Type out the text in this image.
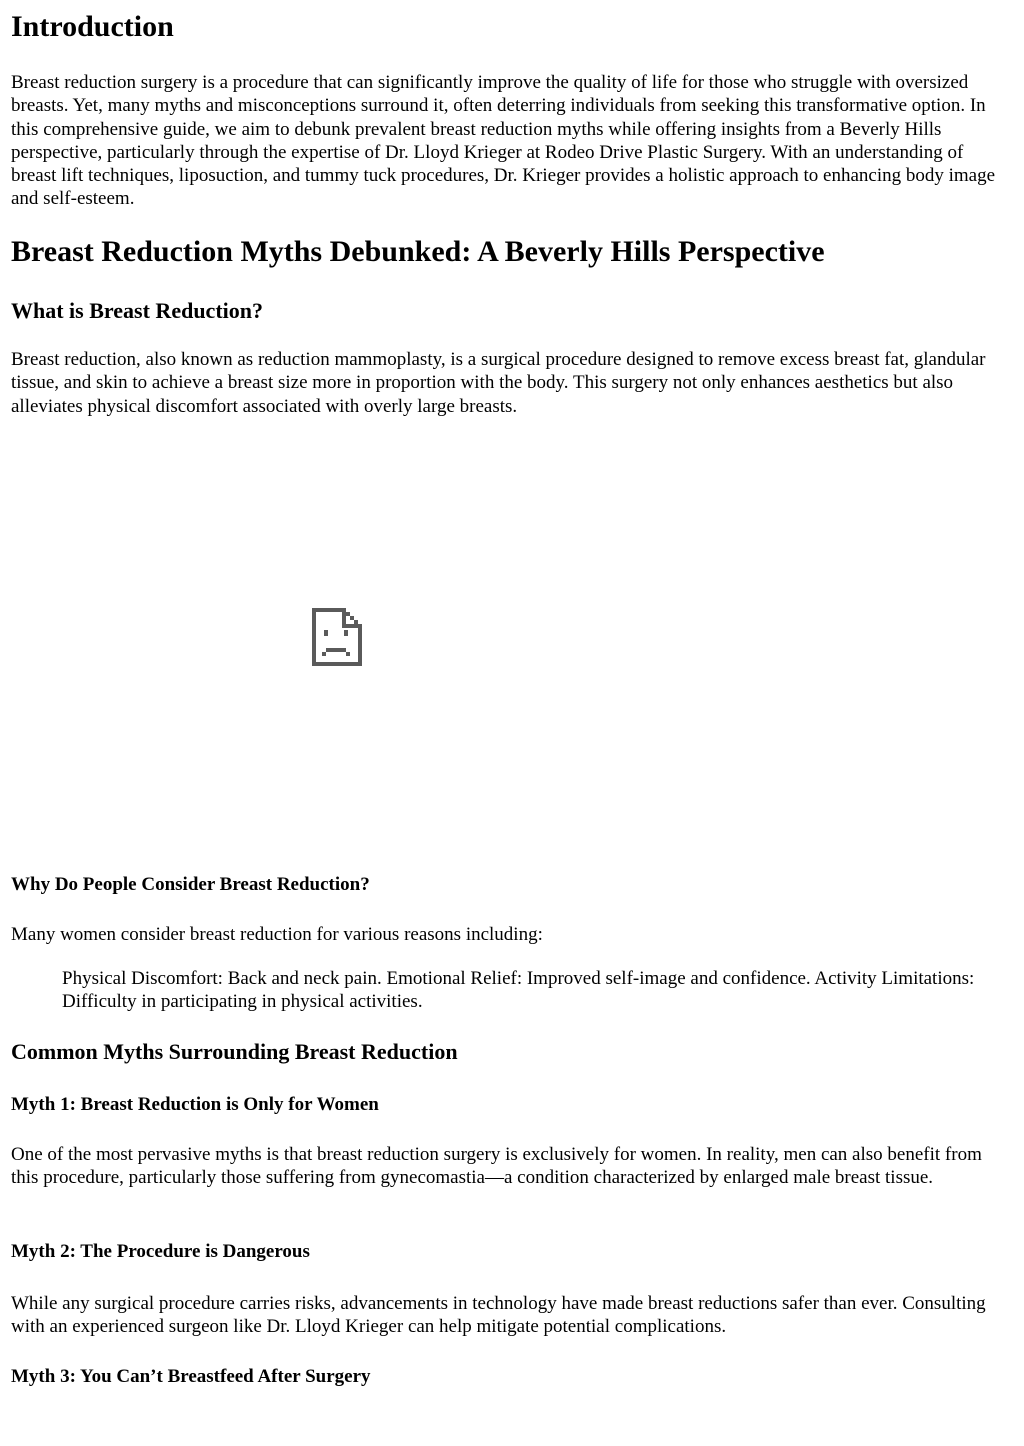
Introduction

Breast reduction surgery is a procedure that can significantly improve the quality of life for those who struggle with oversized breasts. Yet, many myths and misconceptions surround it, often deterring individuals from seeking this transformative option. In this comprehensive guide, we aim to debunk prevalent breast reduction myths while offering insights from a Beverly Hills perspective, particularly through the expertise of Dr. Lloyd Krieger at Rodeo Drive Plastic Surgery. With an understanding of breast lift techniques, liposuction, and tummy tuck procedures, Dr. Krieger provides a holistic approach to enhancing body image and self-esteem.

Breast Reduction Myths Debunked: A Beverly Hills Perspective
What is Breast Reduction?

Breast reduction, also known as reduction mammoplasty, is a surgical procedure designed to remove excess breast fat, glandular tissue, and skin to achieve a breast size more in proportion with the body. This surgery not only enhances aesthetics but also alleviates physical discomfort associated with overly large breasts.

Why Do People Consider Breast Reduction?

Many women consider breast reduction for various reasons including:

Physical Discomfort: Back and neck pain. Emotional Relief: Improved self-image and confidence. Activity Limitations: Difficulty in participating in physical activities.

Common Myths Surrounding Breast Reduction
Myth 1: Breast Reduction is Only for Women

One of the most pervasive myths is that breast reduction surgery is exclusively for women. In reality, men can also benefit from this procedure, particularly those suffering from gynecomastia—a condition characterized by enlarged male breast tissue.

Myth 2: The Procedure is Dangerous

While any surgical procedure carries risks, advancements in technology have made breast reductions safer than ever. Consulting with an experienced surgeon like Dr. Lloyd Krieger can help mitigate potential complications.

Myth 3: You Can’t Breastfeed After Surgery
